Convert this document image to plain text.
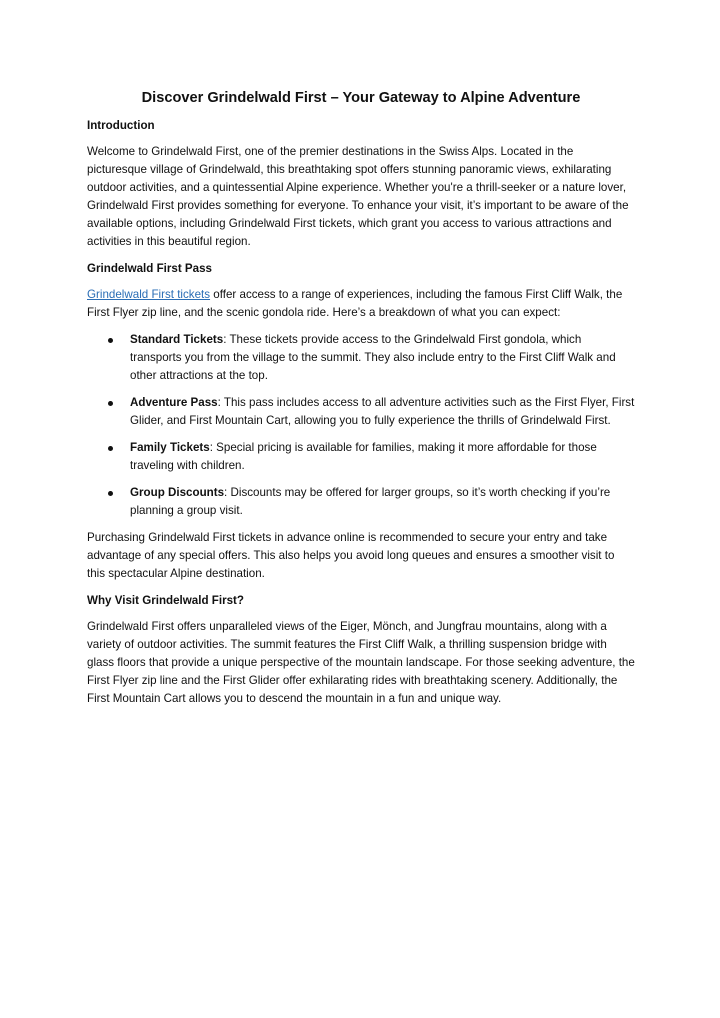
Discover Grindelwald First – Your Gateway to Alpine Adventure
Introduction

Welcome to Grindelwald First, one of the premier destinations in the Swiss Alps. Located in the picturesque village of Grindelwald, this breathtaking spot offers stunning panoramic views, exhilarating outdoor activities, and a quintessential Alpine experience. Whether you're a thrill-seeker or a nature lover, Grindelwald First provides something for everyone. To enhance your visit, it’s important to be aware of the available options, including Grindelwald First tickets, which grant you access to various attractions and activities in this beautiful region.

Grindelwald First Pass

Grindelwald First tickets offer access to a range of experiences, including the famous First Cliff Walk, the First Flyer zip line, and the scenic gondola ride. Here’s a breakdown of what you can expect:

Standard Tickets: These tickets provide access to the Grindelwald First gondola, which transports you from the village to the summit. They also include entry to the First Cliff Walk and other attractions at the top.
Adventure Pass: This pass includes access to all adventure activities such as the First Flyer, First Glider, and First Mountain Cart, allowing you to fully experience the thrills of Grindelwald First.
Family Tickets: Special pricing is available for families, making it more affordable for those traveling with children.
Group Discounts: Discounts may be offered for larger groups, so it’s worth checking if you’re planning a group visit.

Purchasing Grindelwald First tickets in advance online is recommended to secure your entry and take advantage of any special offers. This also helps you avoid long queues and ensures a smoother visit to this spectacular Alpine destination.

Why Visit Grindelwald First?

Grindelwald First offers unparalleled views of the Eiger, Mönch, and Jungfrau mountains, along with a variety of outdoor activities. The summit features the First Cliff Walk, a thrilling suspension bridge with glass floors that provide a unique perspective of the mountain landscape. For those seeking adventure, the First Flyer zip line and the First Glider offer exhilarating rides with breathtaking scenery. Additionally, the First Mountain Cart allows you to descend the mountain in a fun and unique way.
